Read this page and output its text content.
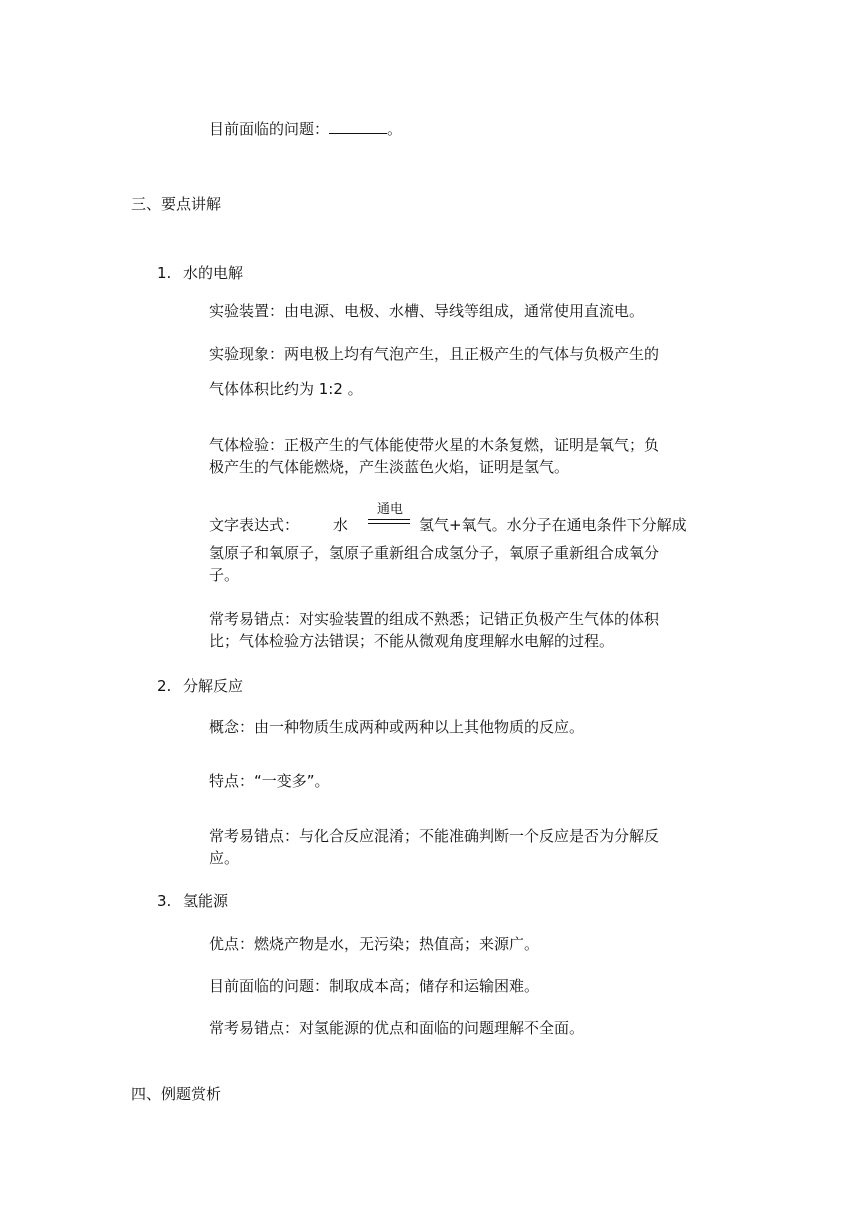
目前面临的问题：	。
三、要点讲解
1. 水的电解
实验装置：由电源、电极、水槽、导线等组成，通常使用直流电。
实验现象：两电极上均有气泡产生，且正极产生的气体与负极产生的
气体体积比约为 1:2 。
气体检验：正极产生的气体能使带火星的木条复燃，证明是氧气；负
极产生的气体能燃烧，产生淡蓝色火焰，证明是氢气。
文字表达式： 水
通电
氢气+氧气。水分子在通电条件下分解成
氢原子和氧原子，氢原子重新组合成氢分子，氧原子重新组合成氧分
子。
常考易错点：对实验装置的组成不熟悉；记错正负极产生气体的体积
比；气体检验方法错误；不能从微观角度理解水电解的过程。
2. 分解反应
概念：由一种物质生成两种或两种以上其他物质的反应。
特点：“一变多”。
常考易错点：与化合反应混淆；不能准确判断一个反应是否为分解反
应。
3. 氢能源
优点：燃烧产物是水，无污染；热值高；来源广。
目前面临的问题：制取成本高；储存和运输困难。
常考易错点：对氢能源的优点和面临的问题理解不全面。
四、例题赏析
